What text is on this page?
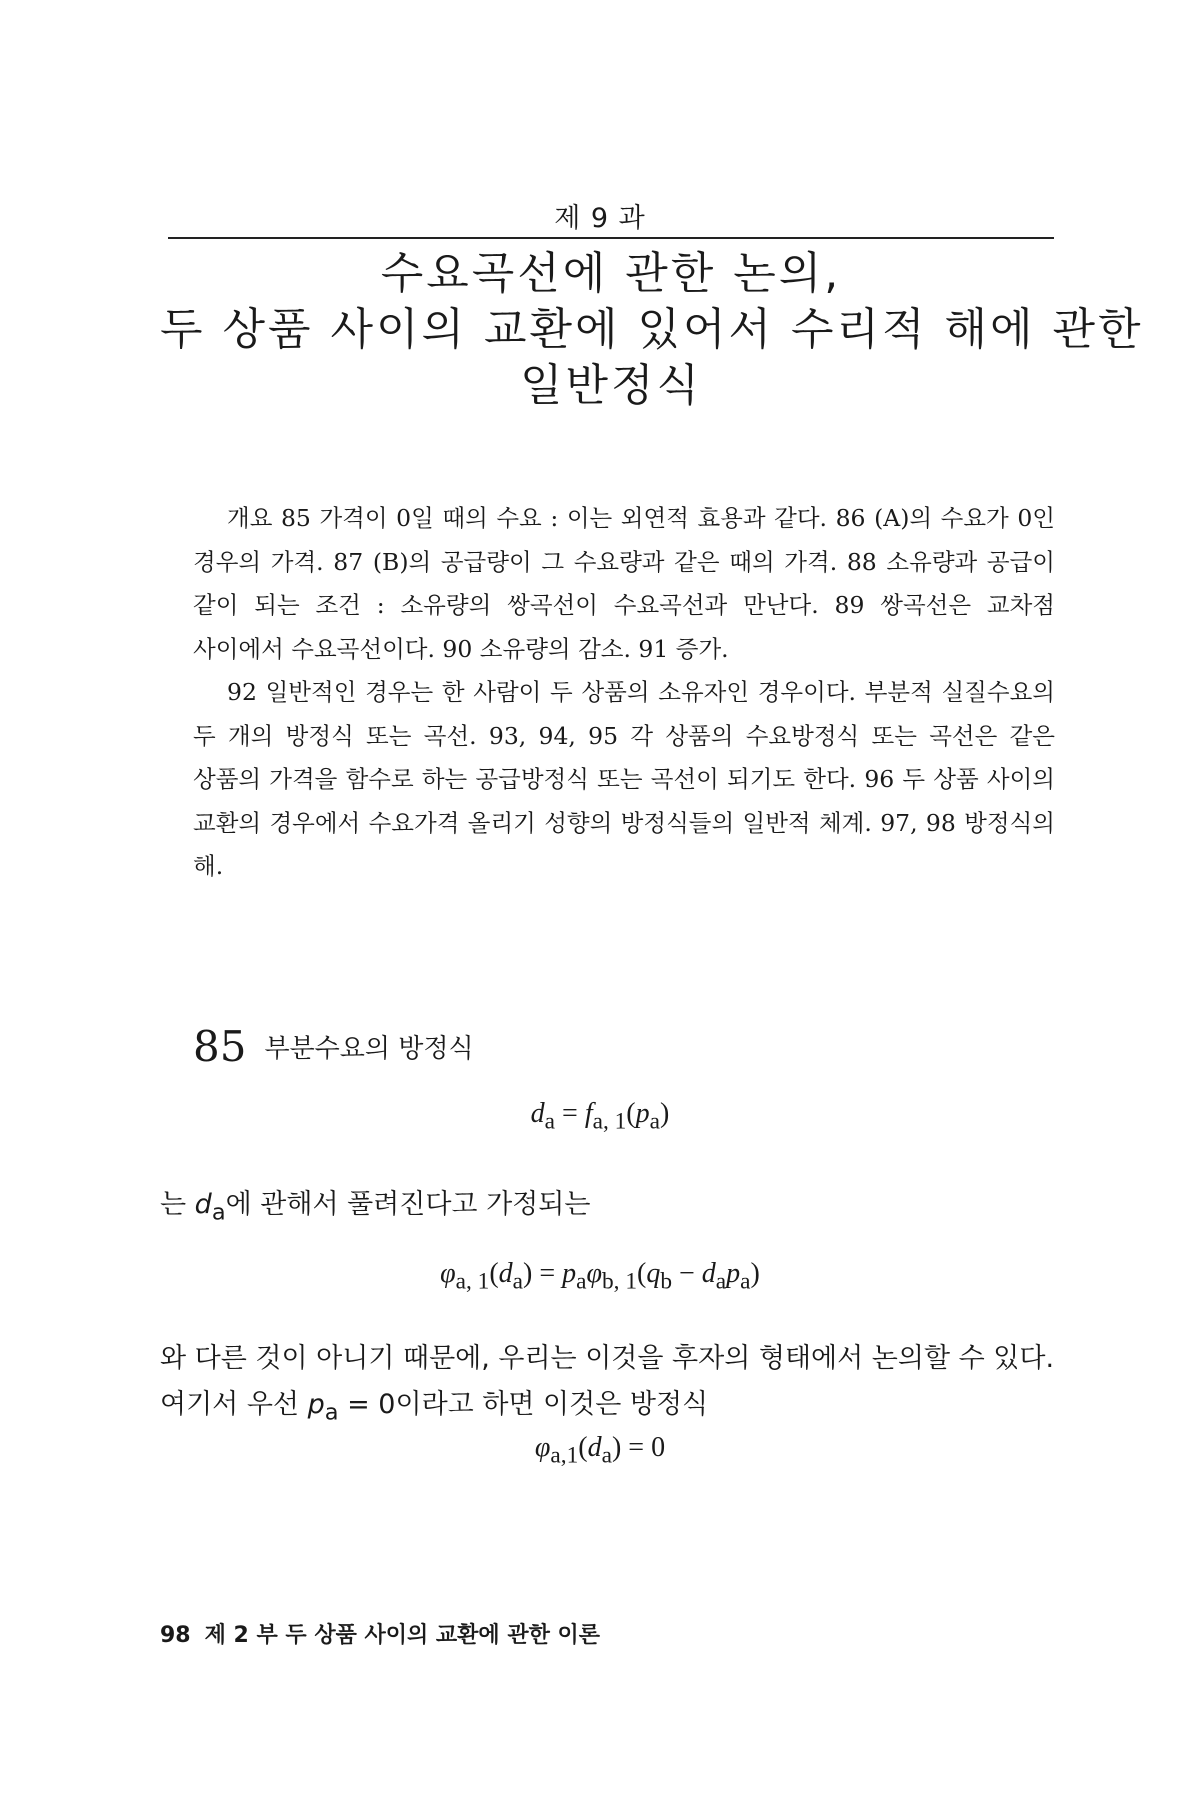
제 9 과
수요곡선에 관한 논의,
두 상품 사이의 교환에 있어서 수리적 해에 관한
일반정식

개요 85 가격이 0일 때의 수요 : 이는 외연적 효용과 같다. 86 (A)의 수요가 0인 경우의 가격. 87 (B)의 공급량이 그 수요량과 같은 때의 가격. 88 소유량과 공급이 같이 되는 조건 : 소유량의 쌍곡선이 수요곡선과 만난다. 89 쌍곡선은 교차점 사이에서 수요곡선이다. 90 소유량의 감소. 91 증가.

92 일반적인 경우는 한 사람이 두 상품의 소유자인 경우이다. 부분적 실질수요의 두 개의 방정식 또는 곡선. 93, 94, 95 각 상품의 수요방정식 또는 곡선은 같은 상품의 가격을 함수로 하는 공급방정식 또는 곡선이 되기도 한다. 96 두 상품 사이의 교환의 경우에서 수요가격 올리기 성향의 방정식들의 일반적 체계. 97, 98 방정식의 해.

85 부분수요의 방정식
$d_a = f_{a, 1}(p_a)$
는 $d_a$에 관해서 풀려진다고 가정되는
$\varphi_{a, 1}(d_a) = p_a\varphi_{b, 1}(q_b - d_ap_a)$
와 다른 것이 아니기 때문에, 우리는 이것을 후자의 형태에서 논의할 수 있다. 여기서 우선 $p_a = 0$이라고 하면 이것은 방정식
$\varphi_{a,1}(d_a) = 0$
98 제 2 부 두 상품 사이의 교환에 관한 이론
